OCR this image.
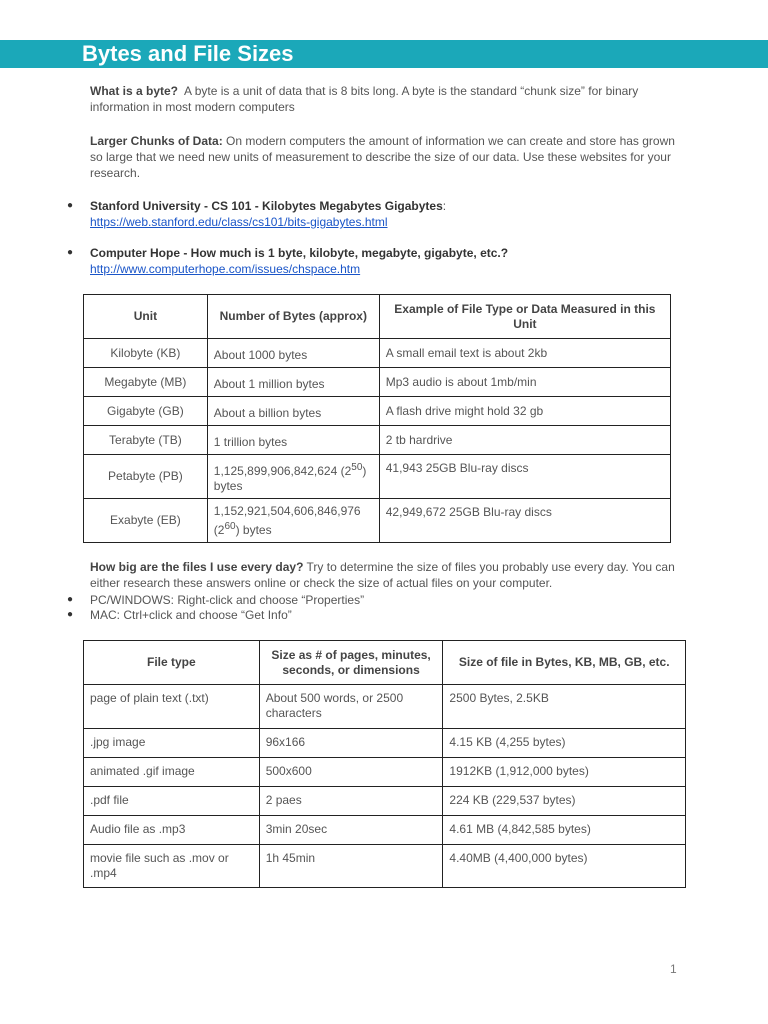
Bytes and File Sizes
What is a byte? A byte is a unit of data that is 8 bits long. A byte is the standard “chunk size” for binary information in most modern computers
Larger Chunks of Data: On modern computers the amount of information we can create and store has grown so large that we need new units of measurement to describe the size of our data. Use these websites for your research.
● Stanford University - CS 101 - Kilobytes Megabytes Gigabytes:
https://web.stanford.edu/class/cs101/bits-gigabytes.html
● Computer Hope - How much is 1 byte, kilobyte, megabyte, gigabyte, etc.?
http://www.computerhope.com/issues/chspace.htm
Unit	Number of Bytes (approx)	Example of File Type or Data Measured in this Unit
Kilobyte (KB)	About 1000 bytes	A small email text is about 2kb
Megabyte (MB)	About 1 million bytes	Mp3 audio is about 1mb/min
Gigabyte (GB)	About a billion bytes	A flash drive might hold 32 gb
Terabyte (TB)	1 trillion bytes	2 tb hardrive
Petabyte (PB)	1,125,899,906,842,624 $(2^{50})$ bytes	41,943 25GB Blu-ray discs
Exabyte (EB)	1,152,921,504,606,846,976 $(2^{60})$ bytes	42,949,672 25GB Blu-ray discs
How big are the files I use every day? Try to determine the size of files you probably use every day. You can either research these answers online or check the size of actual files on your computer.
● PC/WINDOWS: Right-click and choose “Properties”
● MAC: Ctrl+click and choose “Get Info”
File type	Size as # of pages, minutes, seconds, or dimensions	Size of file in Bytes, KB, MB, GB, etc.
page of plain text (.txt)	About 500 words, or 2500 characters	2500 Bytes, 2.5KB
.jpg image	96x166	4.15 KB (4,255 bytes)
animated .gif image	500x600	1912KB (1,912,000 bytes)
.pdf file	2 paes	224 KB (229,537 bytes)
Audio file as .mp3	3min 20sec	4.61 MB (4,842,585 bytes)
movie file such as .mov or .mp4	1h 45min	4.40MB (4,400,000 bytes)
1
